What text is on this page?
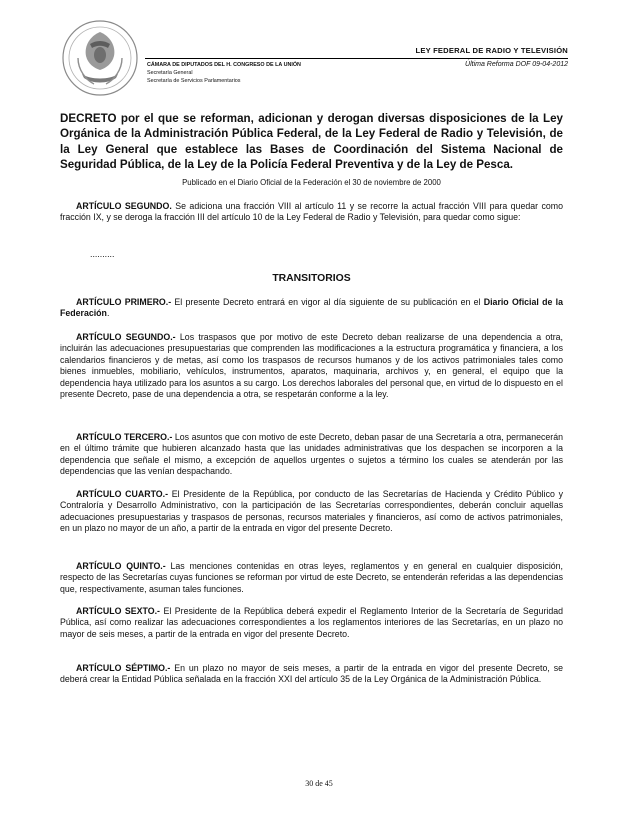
LEY FEDERAL DE RADIO Y TELEVISIÓN
CÁMARA DE DIPUTADOS DEL H. CONGRESO DE LA UNIÓN
Secretaría General
Secretaría de Servicios Parlamentarios
Última Reforma DOF 09-04-2012
DECRETO por el que se reforman, adicionan y derogan diversas disposiciones de la Ley Orgánica de la Administración Pública Federal, de la Ley Federal de Radio y Televisión, de la Ley General que establece las Bases de Coordinación del Sistema Nacional de Seguridad Pública, de la Ley de la Policía Federal Preventiva y de la Ley de Pesca.
Publicado en el Diario Oficial de la Federación el 30 de noviembre de 2000

ARTÍCULO SEGUNDO. Se adiciona una fracción VIII al artículo 11 y se recorre la actual fracción VIII para quedar como fracción IX, y se deroga la fracción III del artículo 10 de la Ley Federal de Radio y Televisión, para quedar como sigue:

..........
TRANSITORIOS

ARTÍCULO PRIMERO.- El presente Decreto entrará en vigor al día siguiente de su publicación en el Diario Oficial de la Federación.

ARTÍCULO SEGUNDO.- Los traspasos que por motivo de este Decreto deban realizarse de una dependencia a otra, incluirán las adecuaciones presupuestarias que comprenden las modificaciones a la estructura programática y financiera, a los calendarios financieros y de metas, así como los traspasos de recursos humanos y de los activos patrimoniales tales como bienes inmuebles, mobiliario, vehículos, instrumentos, aparatos, maquinaria, archivos y, en general, el equipo que la dependencia haya utilizado para los asuntos a su cargo. Los derechos laborales del personal que, en virtud de lo dispuesto en el presente Decreto, pase de una dependencia a otra, se respetarán conforme a la ley.

ARTÍCULO TERCERO.- Los asuntos que con motivo de este Decreto, deban pasar de una Secretaría a otra, permanecerán en el último trámite que hubieren alcanzado hasta que las unidades administrativas que los despachen se incorporen a la dependencia que señale el mismo, a excepción de aquellos urgentes o sujetos a término los cuales se atenderán por las dependencias que las venían despachando.

ARTÍCULO CUARTO.- El Presidente de la República, por conducto de las Secretarías de Hacienda y Crédito Público y Contraloría y Desarrollo Administrativo, con la participación de las Secretarías correspondientes, deberán concluir aquellas adecuaciones presupuestarias y traspasos de personas, recursos materiales y financieros, así como de activos patrimoniales, en un plazo no mayor de un año, a partir de la entrada en vigor del presente Decreto.

ARTÍCULO QUINTO.- Las menciones contenidas en otras leyes, reglamentos y en general en cualquier disposición, respecto de las Secretarías cuyas funciones se reforman por virtud de este Decreto, se entenderán referidas a las dependencias que, respectivamente, asuman tales funciones.

ARTÍCULO SEXTO.- El Presidente de la República deberá expedir el Reglamento Interior de la Secretaría de Seguridad Pública, así como realizar las adecuaciones correspondientes a los reglamentos interiores de las Secretarías, en un plazo no mayor de seis meses, a partir de la entrada en vigor del presente Decreto.

ARTÍCULO SÉPTIMO.- En un plazo no mayor de seis meses, a partir de la entrada en vigor del presente Decreto, se deberá crear la Entidad Pública señalada en la fracción XXI del artículo 35 de la Ley Orgánica de la Administración Pública.

30 de 45
